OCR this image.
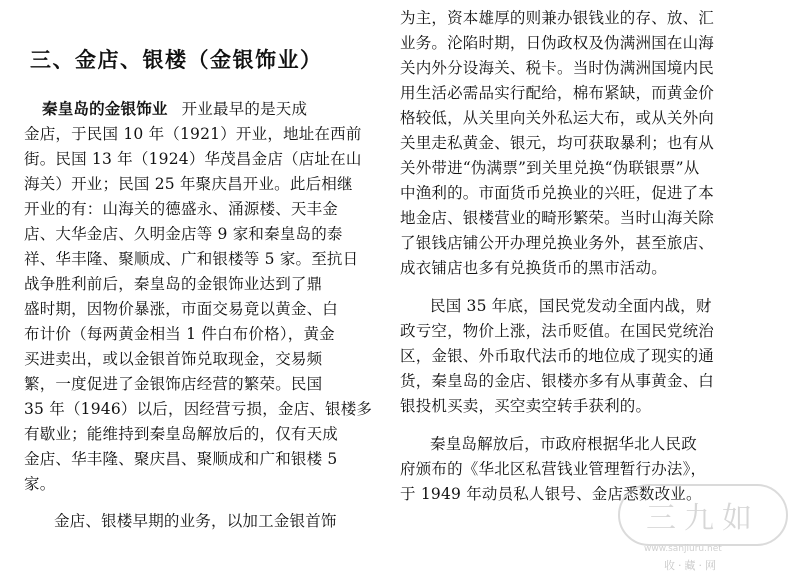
三、金店、银楼（金银饰业）
秦皇岛的金银饰业 开业最早的是天成
金店，于民国 10 年（1921）开业，地址在西前
街。民国 13 年（1924）华茂昌金店（店址在山
海关）开业；民国 25 年聚庆昌开业。此后相继
开业的有：山海关的德盛永、涌源楼、天丰金
店、大华金店、久明金店等 9 家和秦皇岛的泰
祥、华丰隆、聚顺成、广和银楼等 5 家。至抗日
战争胜利前后，秦皇岛的金银饰业达到了鼎
盛时期，因物价暴涨，市面交易竟以黄金、白
布计价（每两黄金相当 1 件白布价格），黄金
买进卖出，或以金银首饰兑取现金，交易频
繁，一度促进了金银饰店经营的繁荣。民国
35 年（1946）以后，因经营亏损，金店、银楼多
有歇业；能维持到秦皇岛解放后的，仅有天成
金店、华丰隆、聚庆昌、聚顺成和广和银楼 5
家。
金店、银楼早期的业务，以加工金银首饰
为主，资本雄厚的则兼办银钱业的存、放、汇
业务。沦陷时期，日伪政权及伪满洲国在山海
关内外分设海关、税卡。当时伪满洲国境内民
用生活必需品实行配给，棉布紧缺，而黄金价
格较低，从关里向关外私运大布，或从关外向
关里走私黄金、银元，均可获取暴利；也有从
关外带进“伪满票”到关里兑换“伪联银票”从
中渔利的。市面货币兑换业的兴旺，促进了本
地金店、银楼营业的畸形繁荣。当时山海关除
了银钱店铺公开办理兑换业务外，甚至旅店、
成衣铺店也多有兑换货币的黑市活动。
民国 35 年底，国民党发动全面内战，财
政亏空，物价上涨，法币贬值。在国民党统治
区，金银、外币取代法币的地位成了现实的通
货，秦皇岛的金店、银楼亦多有从事黄金、白
银投机买卖，买空卖空转手获利的。
秦皇岛解放后，市政府根据华北人民政
府颁布的《华北区私营钱业管理暂行办法》，
于 1949 年动员私人银号、金店悉数改业。
三九如
www.sanjiuru.net
收·藏·网
